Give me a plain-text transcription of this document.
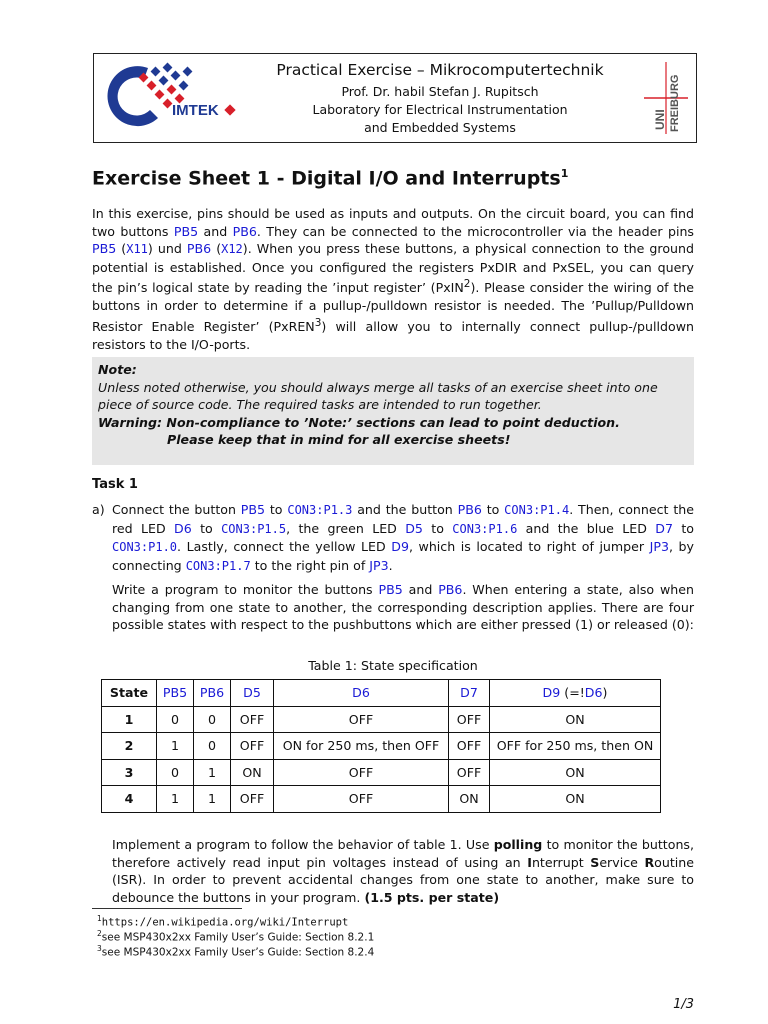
IMTEK
Practical Exercise – Mikrocomputertechnik
Prof. Dr. habil Stefan J. Rupitsch
Laboratory for Electrical Instrumentation
and Embedded Systems	UNI FREIBURG
Exercise Sheet 1 - Digital I/O and Interrupts$^1$
In this exercise, pins should be used as inputs and outputs. On the circuit board, you can find two buttons PB5 and PB6. They can be connected to the microcontroller via the header pins PB5 (X11) und PB6 (X12). When you press these buttons, a physical connection to the ground potential is established. Once you configured the registers PxDIR and PxSEL, you can query the pin’s logical state by reading the ’input register’ (PxIN$^2$). Please consider the wiring of the buttons in order to determine if a pullup-/pulldown resistor is needed. The ’Pullup/Pulldown Resistor Enable Register’ (PxREN$^3$) will allow you to internally connect pullup-/pulldown resistors to the I/O-ports.
Note:
Unless noted otherwise, you should always merge all tasks of an exercise sheet into one piece of source code. The required tasks are intended to run together.
Warning: Non-compliance to ’Note:’ sections can lead to point deduction.
Please keep that in mind for all exercise sheets!
Task 1
a) Connect the button PB5 to CON3:P1.3 and the button PB6 to CON3:P1.4. Then, connect the red LED D6 to CON3:P1.5, the green LED D5 to CON3:P1.6 and the blue LED D7 to CON3:P1.0. Lastly, connect the yellow LED D9, which is located to right of jumper JP3, by connecting CON3:P1.7 to the right pin of JP3.
Write a program to monitor the buttons PB5 and PB6. When entering a state, also when changing from one state to another, the corresponding description applies. There are four possible states with respect to the pushbuttons which are either pressed (1) or released (0):
Table 1: State specification
State	PB5	PB6	D5	D6	D7	D9 (=!D6)
1	0	0	OFF	OFF	OFF	ON
2	1	0	OFF	ON for 250 ms, then OFF	OFF	OFF for 250 ms, then ON
3	0	1	ON	OFF	OFF	ON
4	1	1	OFF	OFF	ON	ON
Implement a program to follow the behavior of table 1. Use polling to monitor the buttons, therefore actively read input pin voltages instead of using an Interrupt Service Routine (ISR). In order to prevent accidental changes from one state to another, make sure to debounce the buttons in your program. (1.5 pts. per state)
$^1$https://en.wikipedia.org/wiki/Interrupt
$^2$see MSP430x2xx Family User’s Guide: Section 8.2.1
$^3$see MSP430x2xx Family User’s Guide: Section 8.2.4
1/3
